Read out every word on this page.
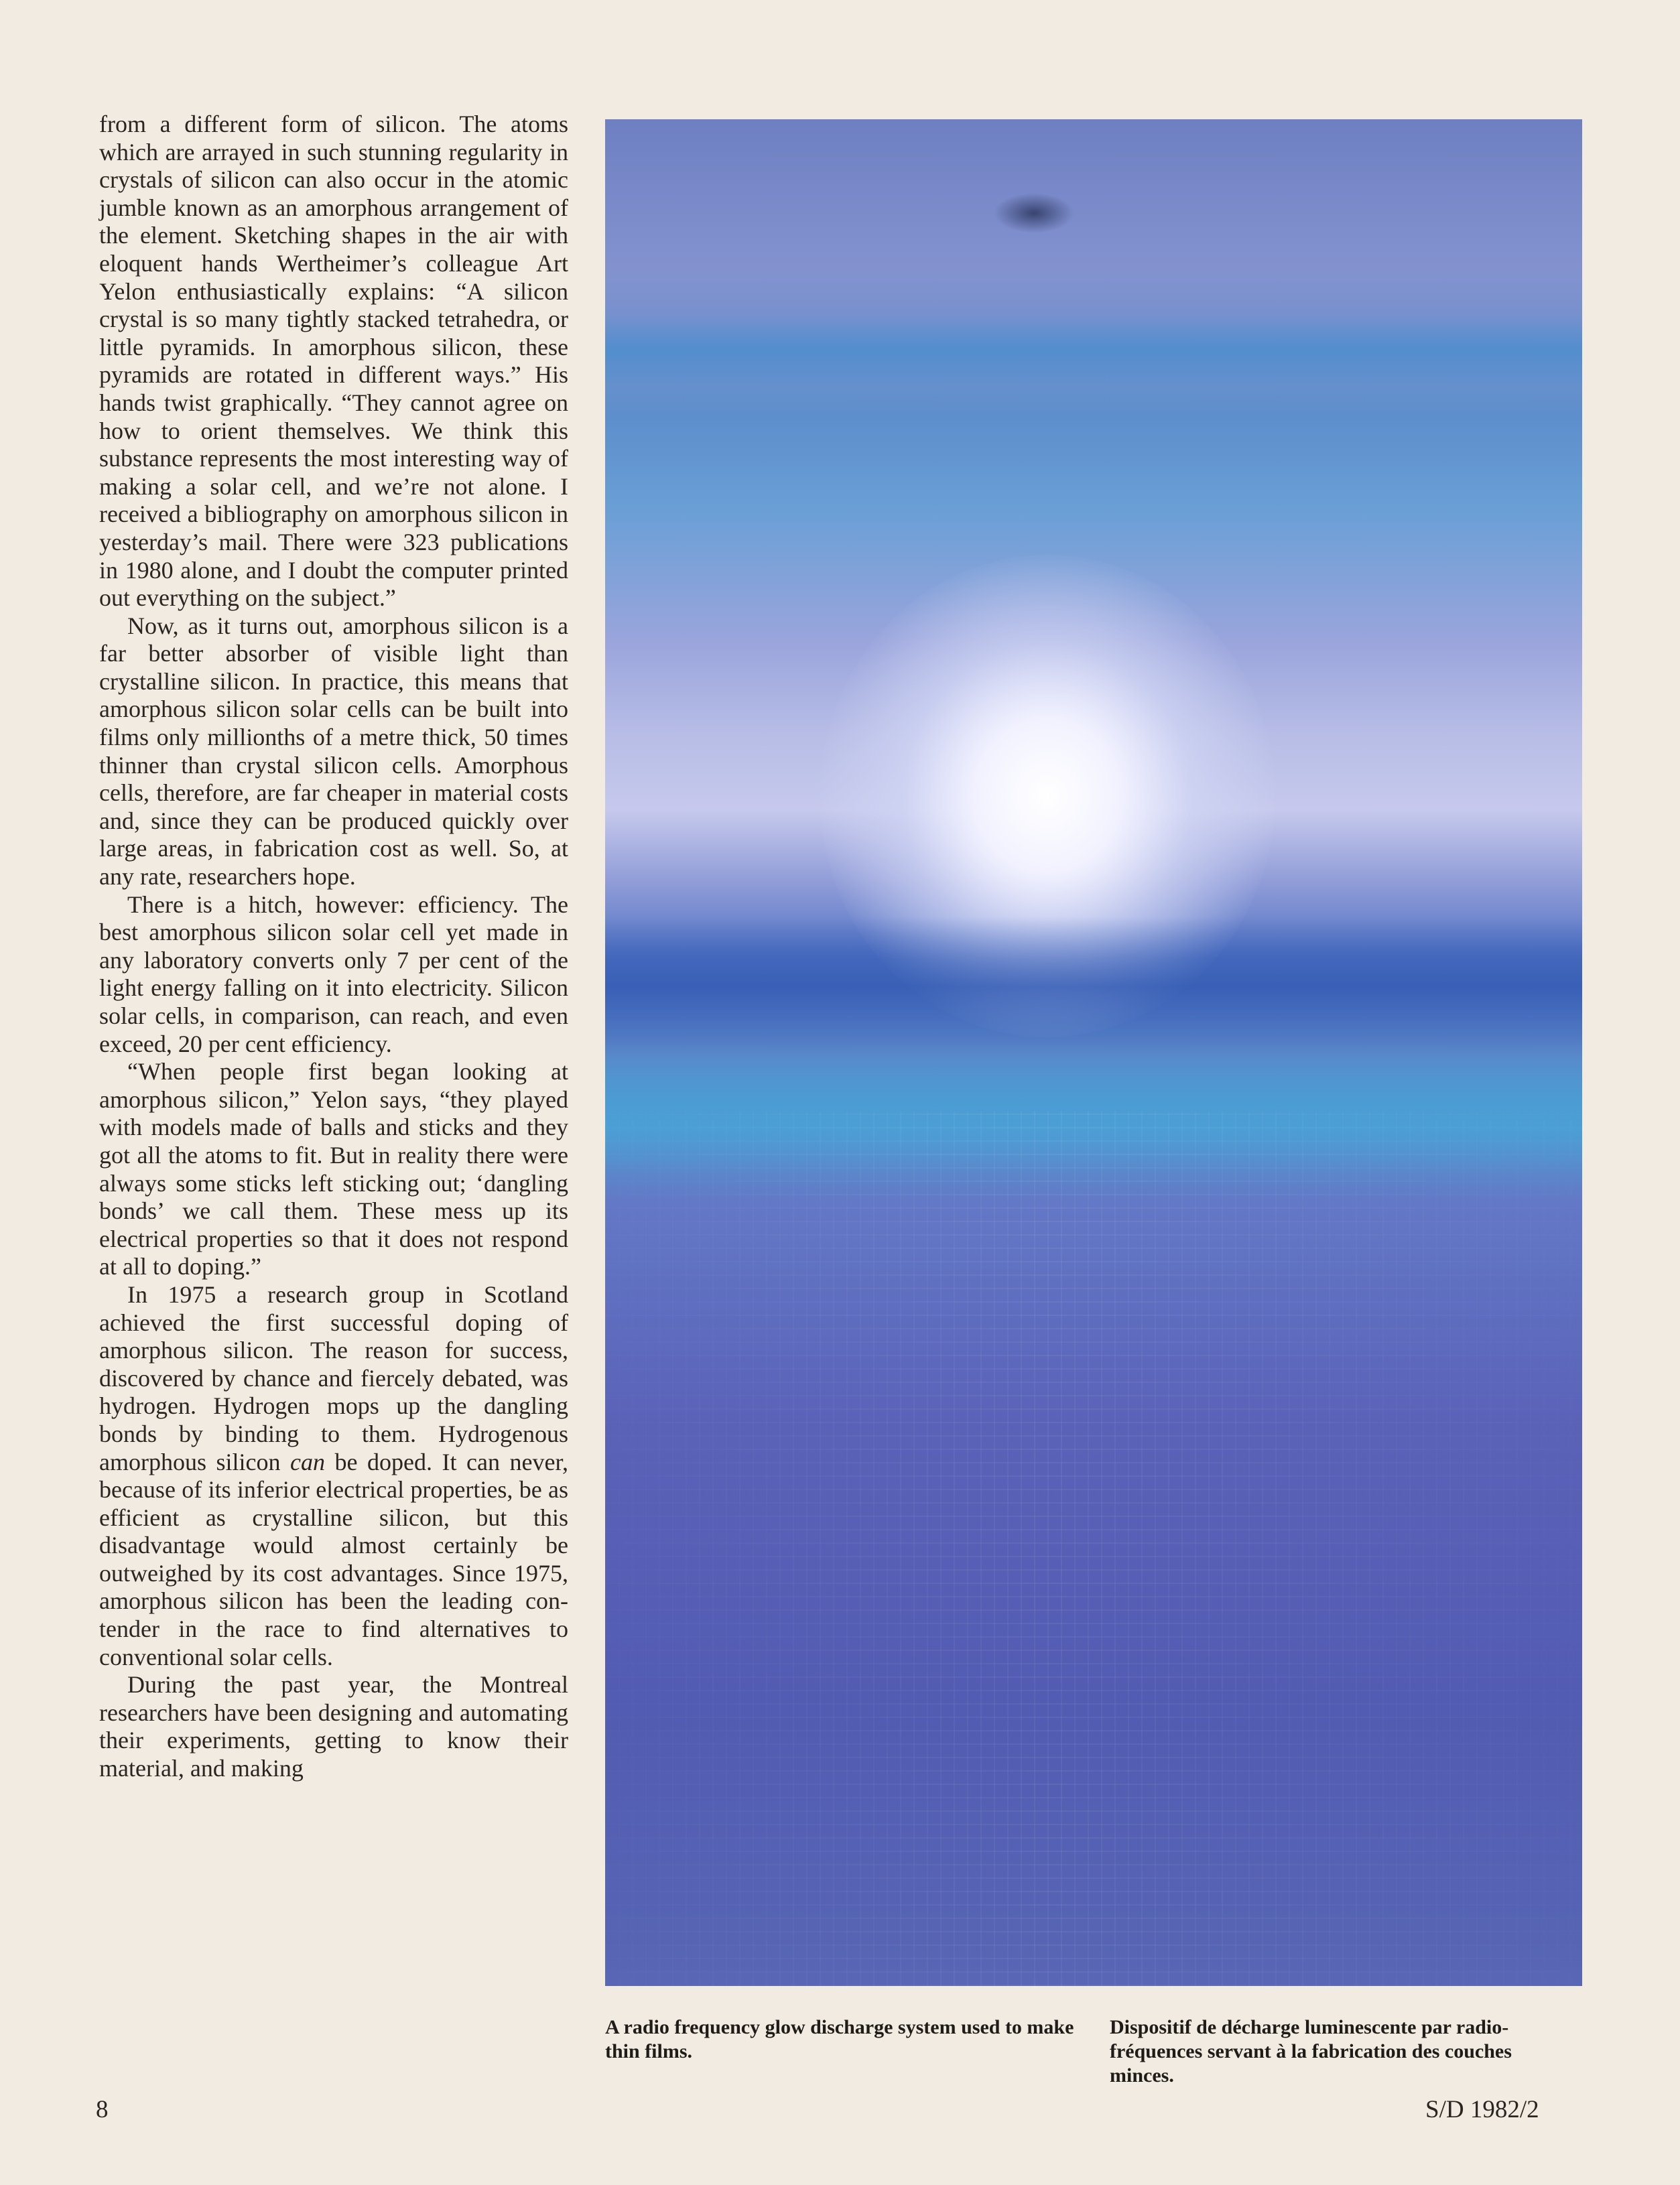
from a different form of silicon. The atoms which are arrayed in such stunning regularity in crystals of silicon can also occur in the atomic jumble known as an amorphous arrangement of the element. Sketching shapes in the air with eloquent hands Wertheimer’s colleague Art Yelon enthusiastically explains: “A silicon crystal is so many tightly stacked tetrahedra, or little pyramids. In amorphous silicon, these pyramids are rotated in different ways.” His hands twist graphically. “They cannot agree on how to orient themselves. We think this substance represents the most interesting way of making a solar cell, and we’re not alone. I received a bibliography on amorphous silicon in yesterday’s mail. There were 323 publications in 1980 alone, and I doubt the computer printed out everything on the subject.”

Now, as it turns out, amorphous silicon is a far better absorber of visible light than crystalline silicon. In practice, this means that amorphous silicon solar cells can be built into films only millionths of a metre thick, 50 times thinner than crystal silicon cells. Amorphous cells, therefore, are far cheaper in material costs and, since they can be produced quickly over large areas, in fabrication cost as well. So, at any rate, researchers hope.

There is a hitch, however: efficiency. The best amorphous silicon solar cell yet made in any laboratory converts only 7 per cent of the light energy falling on it into electricity. Silicon solar cells, in comparison, can reach, and even exceed, 20 per cent efficiency.

“When people first began looking at amorphous silicon,” Yelon says, “they played with models made of balls and sticks and they got all the atoms to fit. But in reality there were always some sticks left sticking out; ‘dangling bonds’ we call them. These mess up its electrical properties so that it does not respond at all to doping.”

In 1975 a research group in Scotland achieved the first successful doping of amorphous silicon. The reason for success, discovered by chance and fiercely debated, was hydrogen. Hydrogen mops up the dangling bonds by binding to them. Hydrogenous amorphous silicon can be doped. It can never, because of its inferior electrical properties, be as efficient as crystalline silicon, but this disadvantage would almost certainly be outweighed by its cost advantages. Since 1975, amorphous silicon has been the leading contender in the race to find alternatives to conventional solar cells.

During the past year, the Montreal researchers have been designing and automating their experiments, getting to know their material, and making

A radio frequency glow discharge system used to make thin films.

Dispositif de décharge luminescente par radiofréquences servant à la fabrication des couches minces.

8	S/D 1982/2
